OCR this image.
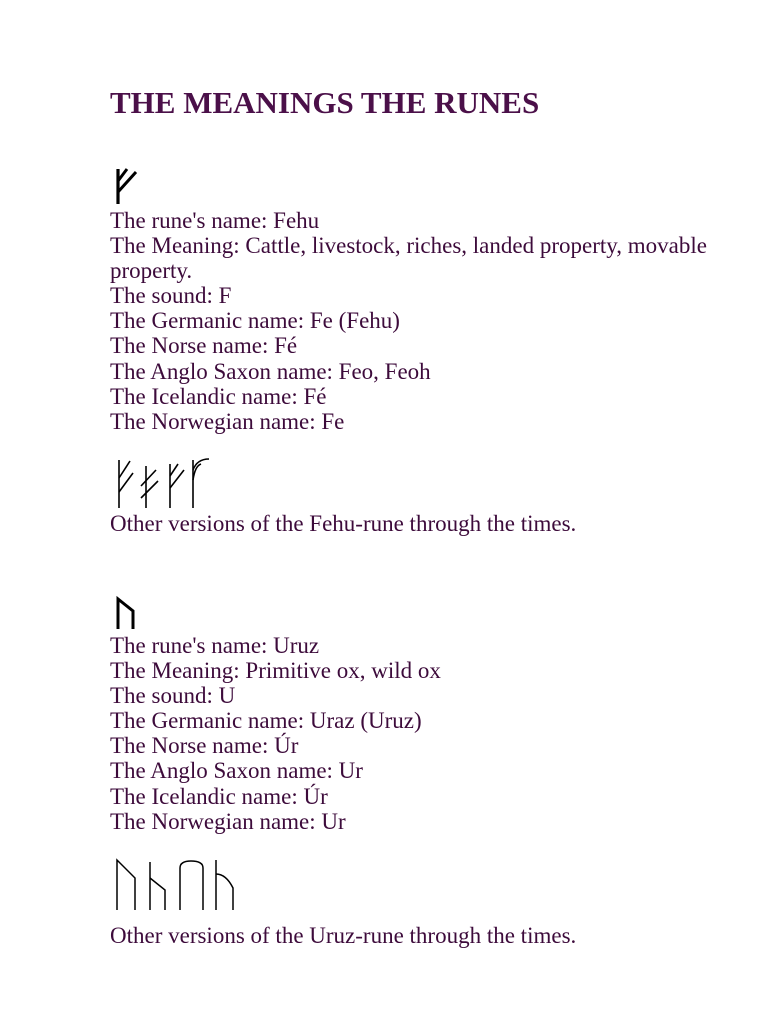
THE MEANINGS THE RUNES
The rune's name: Fehu
The Meaning: Cattle, livestock, riches, landed property, movable property.
The sound: F
The Germanic name: Fe (Fehu)
The Norse name: Fé
The Anglo Saxon name: Feo, Feoh
The Icelandic name: Fé
The Norwegian name: Fe

Other versions of the Fehu-rune through the times.

The rune's name: Uruz
The Meaning: Primitive ox, wild ox
The sound: U
The Germanic name: Uraz (Uruz)
The Norse name: Úr
The Anglo Saxon name: Ur
The Icelandic name: Úr
The Norwegian name: Ur

Other versions of the Uruz-rune through the times.
